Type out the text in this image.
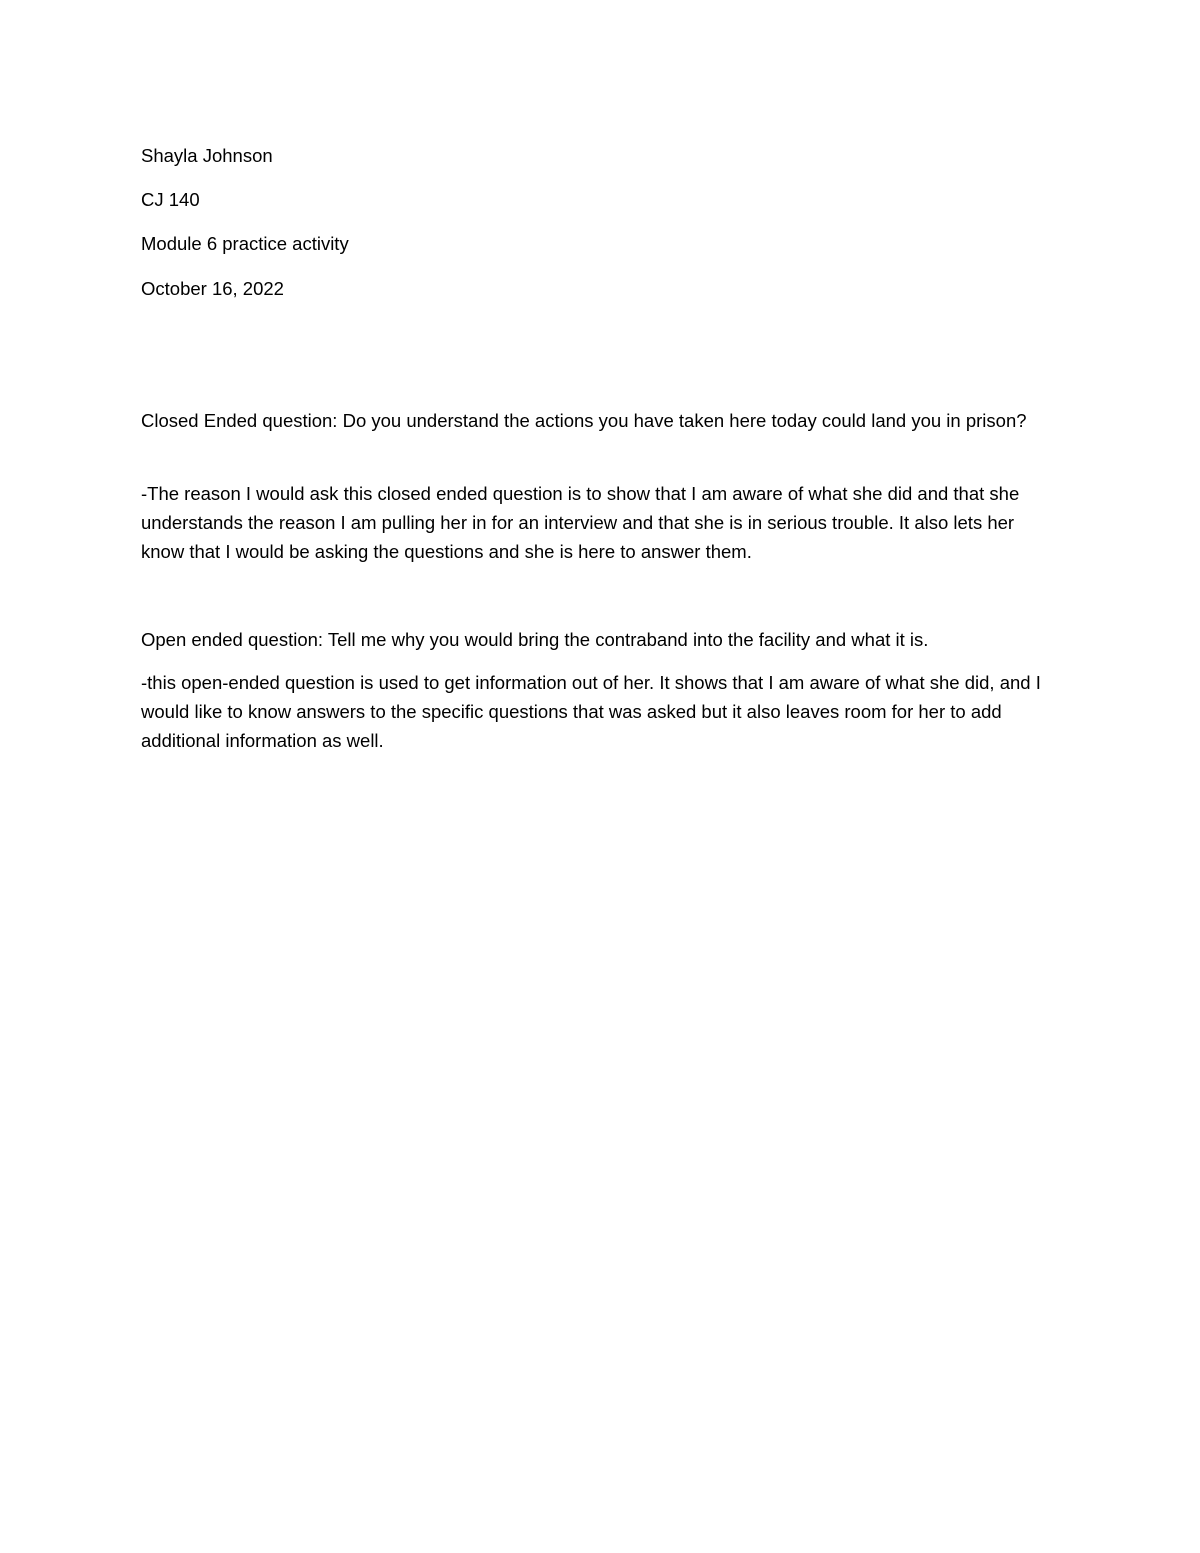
Shayla Johnson

CJ 140

Module 6 practice activity

October 16, 2022

Closed Ended question: Do you understand the actions you have taken here today could land you in prison?

-The reason I would ask this closed ended question is to show that I am aware of what she did and that she understands the reason I am pulling her in for an interview and that she is in serious trouble. It also lets her know that I would be asking the questions and she is here to answer them.

Open ended question: Tell me why you would bring the contraband into the facility and what it is.

-this open-ended question is used to get information out of her. It shows that I am aware of what she did, and I would like to know answers to the specific questions that was asked but it also leaves room for her to add additional information as well.
